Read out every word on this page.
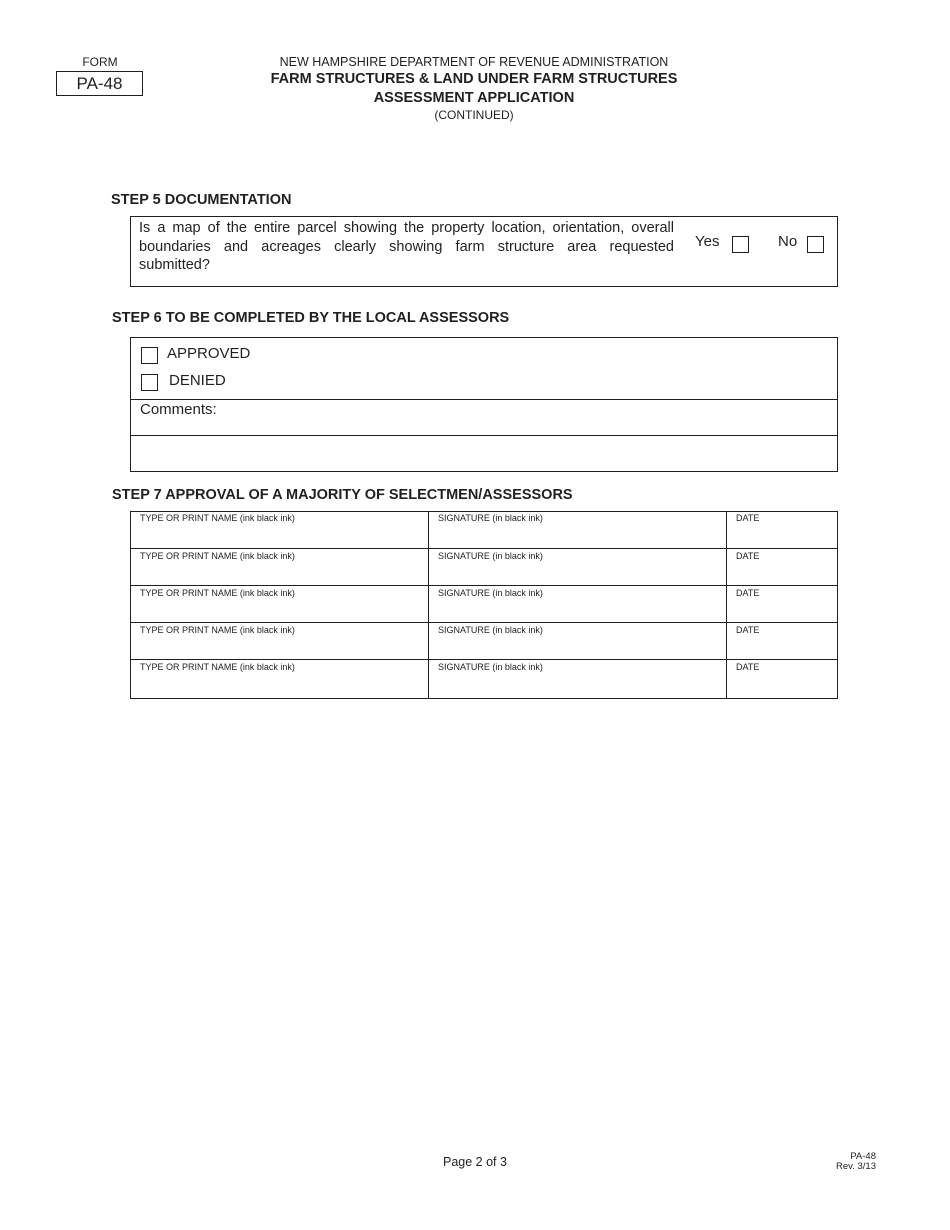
FORM
PA-48
NEW HAMPSHIRE DEPARTMENT OF REVENUE ADMINISTRATION
FARM STRUCTURES & LAND UNDER FARM STRUCTURES
ASSESSMENT APPLICATION
(CONTINUED)
STEP 5 DOCUMENTATION
Is a map of the entire parcel showing the property location, orientation, overall boundaries and acreages clearly showing farm structure area requested submitted?
Yes	No
STEP 6 TO BE COMPLETED BY THE LOCAL ASSESSORS
APPROVED
DENIED
Comments:
STEP 7 APPROVAL OF A MAJORITY OF SELECTMEN/ASSESSORS
TYPE OR PRINT NAME (ink black ink)	SIGNATURE (in black ink)	DATE
TYPE OR PRINT NAME (ink black ink)	SIGNATURE (in black ink)	DATE
TYPE OR PRINT NAME (ink black ink)	SIGNATURE (in black ink)	DATE
TYPE OR PRINT NAME (ink black ink)	SIGNATURE (in black ink)	DATE
TYPE OR PRINT NAME (ink black ink)	SIGNATURE (in black ink)	DATE
Page 2 of 3	PA-48
Rev. 3/13
